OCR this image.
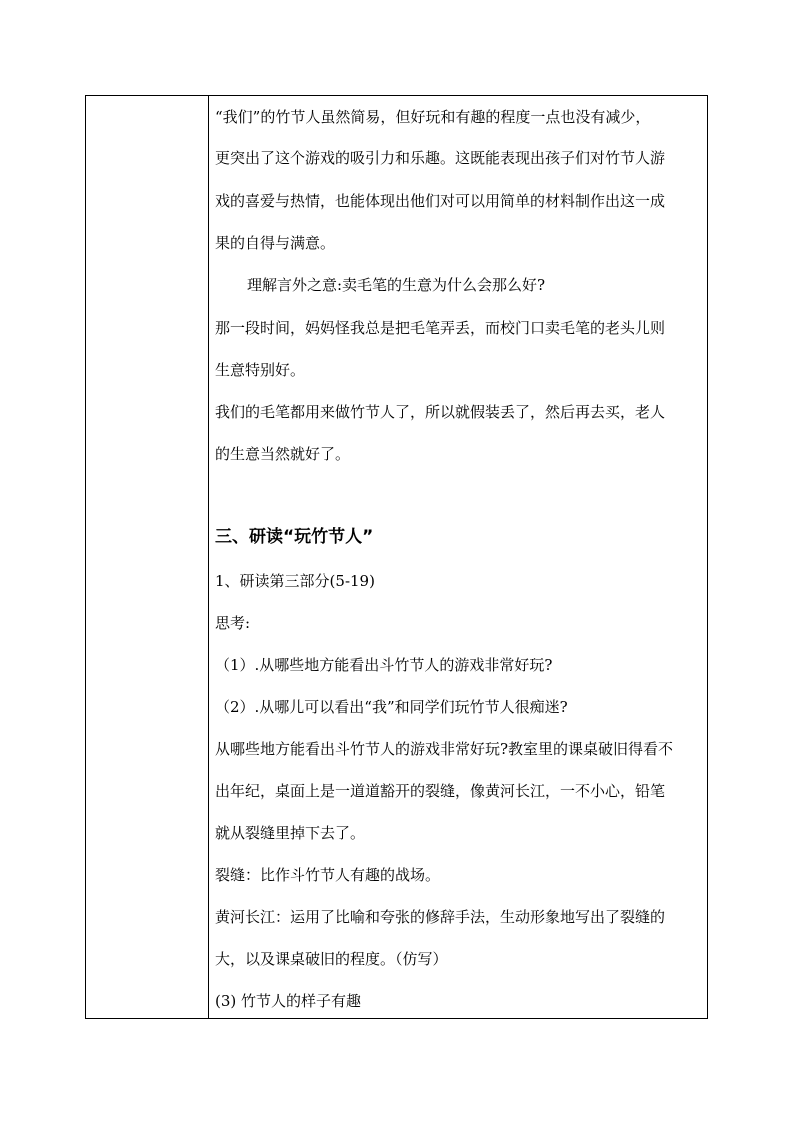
“我们”的竹节人虽然简易，但好玩和有趣的程度一点也没有减少，
更突出了这个游戏的吸引力和乐趣。这既能表现出孩子们对竹节人游
戏的喜爱与热情，也能体现出他们对可以用简单的材料制作出这一成
果的自得与满意。
理解言外之意:卖毛笔的生意为什么会那么好?
那一段时间，妈妈怪我总是把毛笔弄丢，而校门口卖毛笔的老头儿则
生意特别好。
我们的毛笔都用来做竹节人了，所以就假装丢了，然后再去买，老人
的生意当然就好了。
三、研读“玩竹节人”
1、研读第三部分(5-19)
思考:
（1）.从哪些地方能看出斗竹节人的游戏非常好玩?
（2）.从哪儿可以看出“我”和同学们玩竹节人很痴迷?
从哪些地方能看出斗竹节人的游戏非常好玩?教室里的课桌破旧得看不
出年纪，桌面上是一道道豁开的裂缝，像黄河长江，一不小心，铅笔
就从裂缝里掉下去了。
裂缝：比作斗竹节人有趣的战场。
黄河长江：运用了比喻和夸张的修辞手法，生动形象地写出了裂缝的
大，以及课桌破旧的程度。（仿写）
(3) 竹节人的样子有趣
